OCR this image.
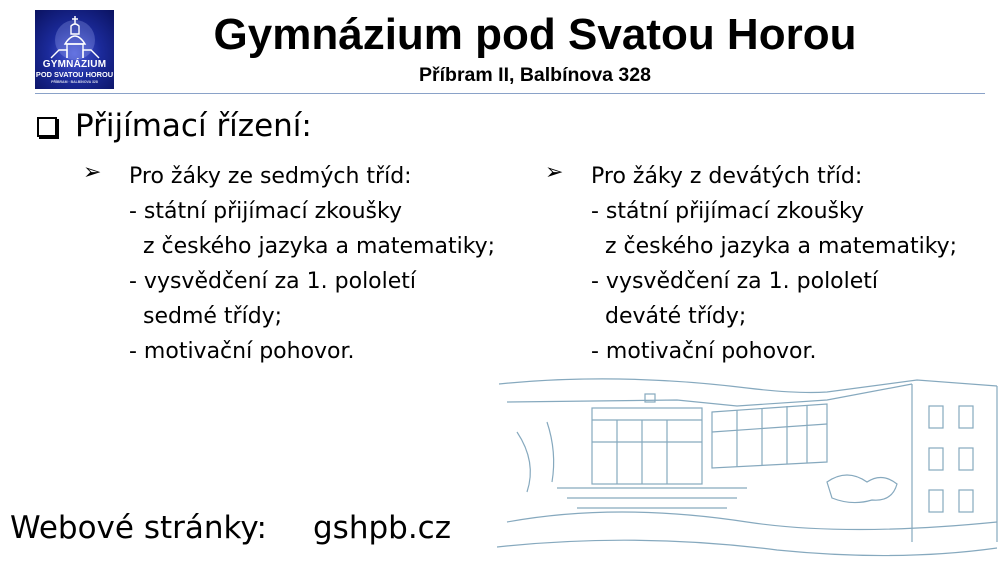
GYMNÁZIUM
POD SVATOU HOROU
PŘÍBRAM · BALBÍNOVA 328
Gymnázium pod Svatou Horou
Příbram II, Balbínova 328
Přijímací řízení:
➢	Pro žáky ze sedmých tříd:
- státní přijímací zkoušky
z českého jazyka a matematiky;
- vysvědčení za 1. pololetí
sedmé třídy;
- motivační pohovor.
➢	Pro žáky z devátých tříd:
- státní přijímací zkoušky
z českého jazyka a matematiky;
- vysvědčení za 1. pololetí
deváté třídy;
- motivační pohovor.
Webové stránky:	gshpb.cz
